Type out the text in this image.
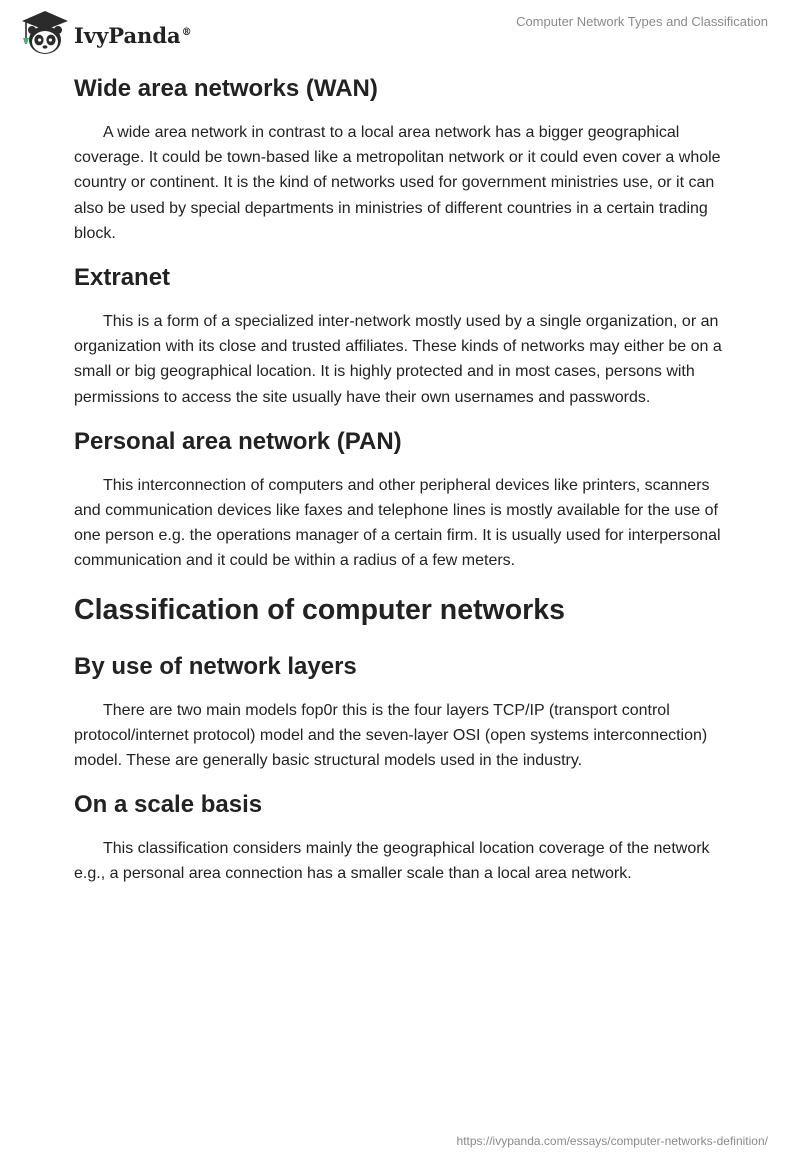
IvyPanda®
Computer Network Types and Classification
Wide area networks (WAN)

A wide area network in contrast to a local area network has a bigger geographical coverage. It could be town-based like a metropolitan network or it could even cover a whole country or continent. It is the kind of networks used for government ministries use, or it can also be used by special departments in ministries of different countries in a certain trading block.

Extranet

This is a form of a specialized inter-network mostly used by a single organization, or an organization with its close and trusted affiliates. These kinds of networks may either be on a small or big geographical location. It is highly protected and in most cases, persons with permissions to access the site usually have their own usernames and passwords.

Personal area network (PAN)

This interconnection of computers and other peripheral devices like printers, scanners and communication devices like faxes and telephone lines is mostly available for the use of one person e.g. the operations manager of a certain firm. It is usually used for interpersonal communication and it could be within a radius of a few meters.

Classification of computer networks
By use of network layers

There are two main models fop0r this is the four layers TCP/IP (transport control protocol/internet protocol) model and the seven-layer OSI (open systems interconnection) model. These are generally basic structural models used in the industry.

On a scale basis

This classification considers mainly the geographical location coverage of the network e.g., a personal area connection has a smaller scale than a local area network.

https://ivypanda.com/essays/computer-networks-definition/
